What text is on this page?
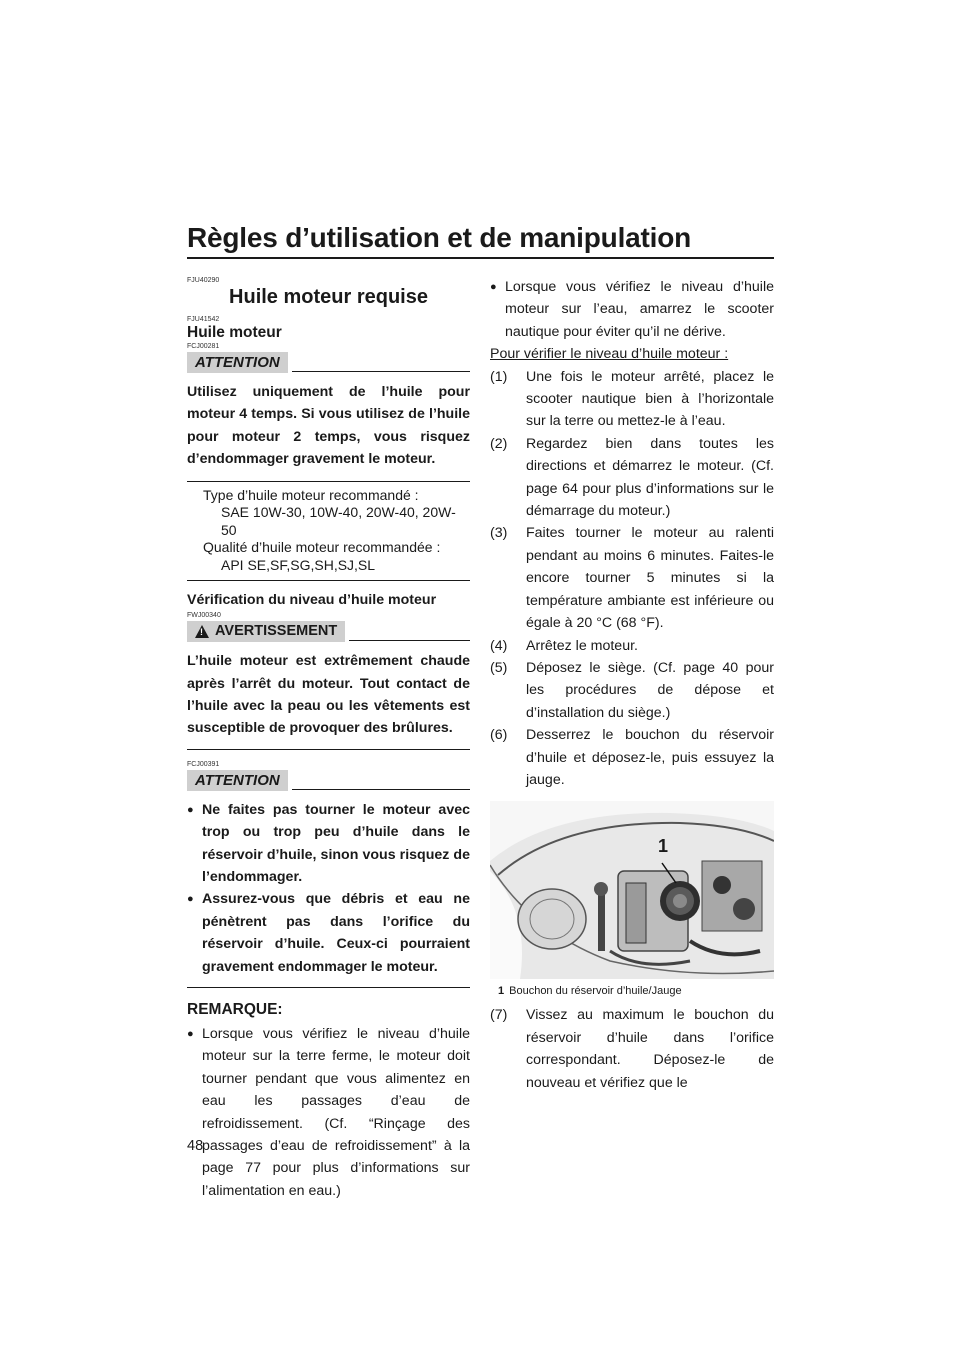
Règles d’utilisation et de manipulation

FJU40290

Huile moteur requise

FJU41542

Huile moteur

FCJ00281

ATTENTION

Utilisez uniquement de l’huile pour moteur 4 temps. Si vous utilisez de l’huile pour moteur 2 temps, vous risquez d’endommager gravement le moteur.

Type d’huile moteur recommandé :
SAE 10W-30, 10W-40, 20W-40, 20W-50
Qualité d’huile moteur recommandée :
API SE,SF,SG,SH,SJ,SL

Vérification du niveau d’huile moteur

FWJ00340

! AVERTISSEMENT

L’huile moteur est extrêmement chaude après l’arrêt du moteur. Tout contact de l’huile avec la peau ou les vêtements est susceptible de provoquer des brûlures.

FCJ00391

ATTENTION
● Ne faites pas tourner le moteur avec trop ou trop peu d’huile dans le réservoir d’huile, sinon vous risquez de l’endommager.
● Assurez-vous que débris et eau ne pénètrent pas dans l’orifice du réservoir d’huile. Ceux-ci pourraient gravement endommager le moteur.

REMARQUE:

● Lorsque vous vérifiez le niveau d’huile moteur sur la terre ferme, le moteur doit tourner pendant que vous alimentez en eau les passages d’eau de refroidissement. (Cf. “Rinçage des passages d’eau de refroidissement” à la page 77 pour plus d’informations sur l’alimentation en eau.)
● Lorsque vous vérifiez le niveau d’huile moteur sur l’eau, amarrez le scooter nautique pour éviter qu’il ne dérive.

Pour vérifier le niveau d’huile moteur :

(1)	Une fois le moteur arrêté, placez le scooter nautique bien à l’horizontale sur la terre ou mettez-le à l’eau.
(2)	Regardez bien dans toutes les directions et démarrez le moteur. (Cf. page 64 pour plus d’informations sur le démarrage du moteur.)
(3)	Faites tourner le moteur au ralenti pendant au moins 6 minutes. Faites-le encore tourner 5 minutes si la température ambiante est inférieure ou égale à 20 °C (68 °F).
(4)	Arrêtez le moteur.
(5)	Déposez le siège. (Cf. page 40 pour les procédures de dépose et d’installation du siège.)
(6)	Desserrez le bouchon du réservoir d’huile et déposez-le, puis essuyez la jauge.
1

1 Bouchon du réservoir d’huile/Jauge

(7)	Vissez au maximum le bouchon du réservoir d’huile dans l’orifice correspondant. Déposez-le de nouveau et vérifiez que le
48
